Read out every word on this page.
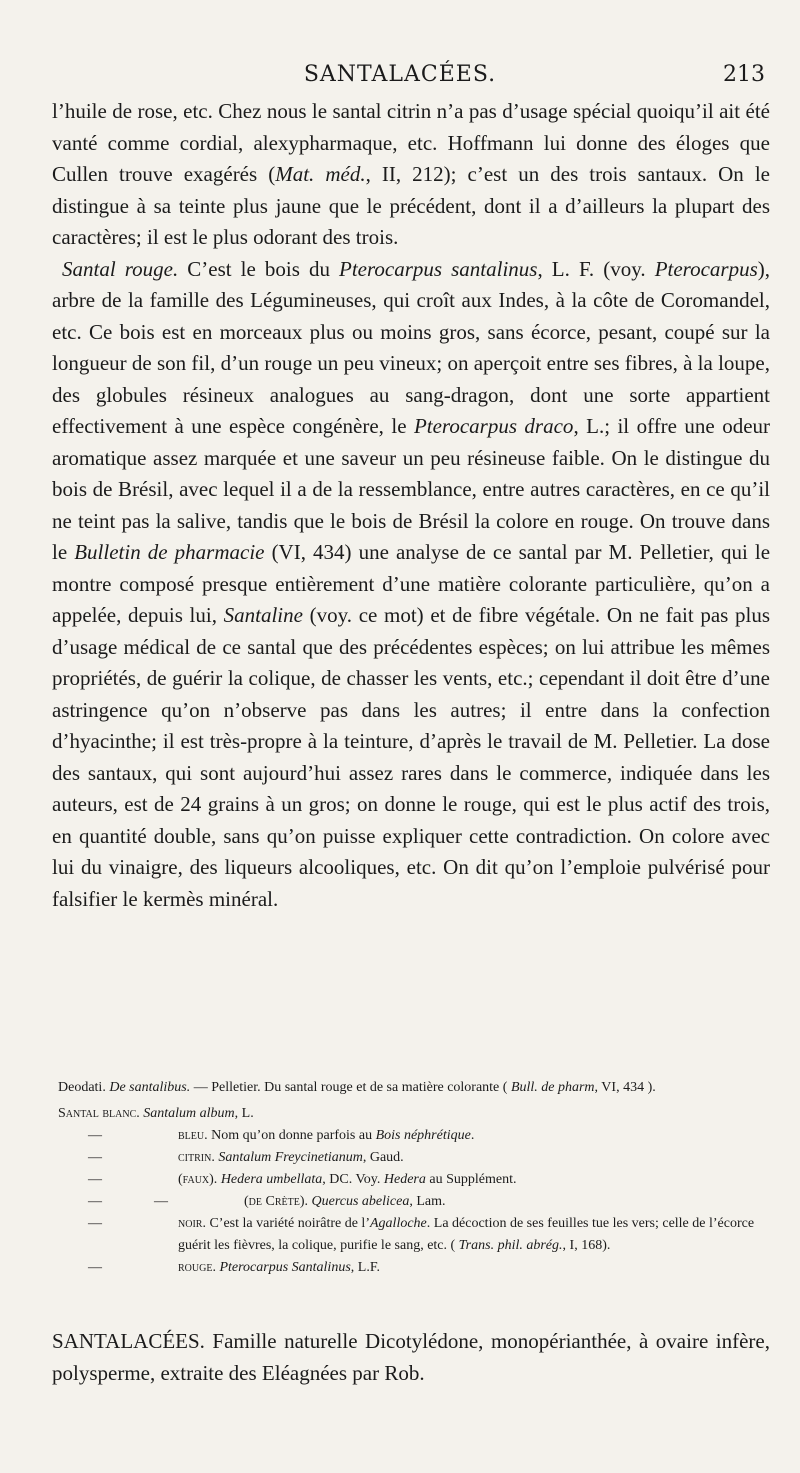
SANTALACÉES.	213

l’huile de rose, etc. Chez nous le santal citrin n’a pas d’usage spécial quoiqu’il ait été vanté comme cordial, alexypharmaque, etc. Hoffmann lui donne des éloges que Cullen trouve exagérés (Mat. méd., II, 212); c’est un des trois santaux. On le distingue à sa teinte plus jaune que le précédent, dont il a d’ailleurs la plupart des caractères; il est le plus odorant des trois.

Santal rouge. C’est le bois du Pterocarpus santalinus, L. F. (voy. Pterocarpus), arbre de la famille des Légumineuses, qui croît aux Indes, à la côte de Coromandel, etc. Ce bois est en morceaux plus ou moins gros, sans écorce, pesant, coupé sur la longueur de son fil, d’un rouge un peu vineux; on aperçoit entre ses fibres, à la loupe, des globules résineux analogues au sang-dragon, dont une sorte appartient effectivement à une espèce congénère, le Pterocarpus draco, L.; il offre une odeur aromatique assez marquée et une saveur un peu résineuse faible. On le distingue du bois de Brésil, avec lequel il a de la ressemblance, entre autres caractères, en ce qu’il ne teint pas la salive, tandis que le bois de Brésil la colore en rouge. On trouve dans le Bulletin de pharmacie (VI, 434) une analyse de ce santal par M. Pelletier, qui le montre composé presque entièrement d’une matière colorante particulière, qu’on a appelée, depuis lui, Santaline (voy. ce mot) et de fibre végétale. On ne fait pas plus d’usage médical de ce santal que des précédentes espèces; on lui attribue les mêmes propriétés, de guérir la colique, de chasser les vents, etc.; cependant il doit être d’une astringence qu’on n’observe pas dans les autres; il entre dans la confection d’hyacinthe; il est très-propre à la teinture, d’après le travail de M. Pelletier. La dose des santaux, qui sont aujourd’hui assez rares dans le commerce, indiquée dans les auteurs, est de 24 grains à un gros; on donne le rouge, qui est le plus actif des trois, en quantité double, sans qu’on puisse expliquer cette contradiction. On colore avec lui du vinaigre, des liqueurs alcooliques, etc. On dit qu’on l’emploie pulvérisé pour falsifier le kermès minéral.

Deodati. De santalibus. — Pelletier. Du santal rouge et de sa matière colorante ( Bull. de pharm, VI, 434 ).

Santal blanc. Santalum album, L.

—	bleu. Nom qu’on donne parfois au Bois néphrétique.

—	citrin. Santalum Freycinetianum, Gaud.

—	(faux). Hedera umbellata, DC. Voy. Hedera au Supplément.

—	—	(de Crète). Quercus abelicea, Lam.

—	noir. C’est la variété noirâtre de l’Agalloche. La décoction de ses feuilles tue les vers; celle de l’écorce guérit les fièvres, la colique, purifie le sang, etc. ( Trans. phil. abrég., I, 168).

—	rouge. Pterocarpus Santalinus, L.F.

SANTALACÉES. Famille naturelle Dicotylédone, monopérianthée, à ovaire infère, polysperme, extraite des Eléagnées par Rob.
